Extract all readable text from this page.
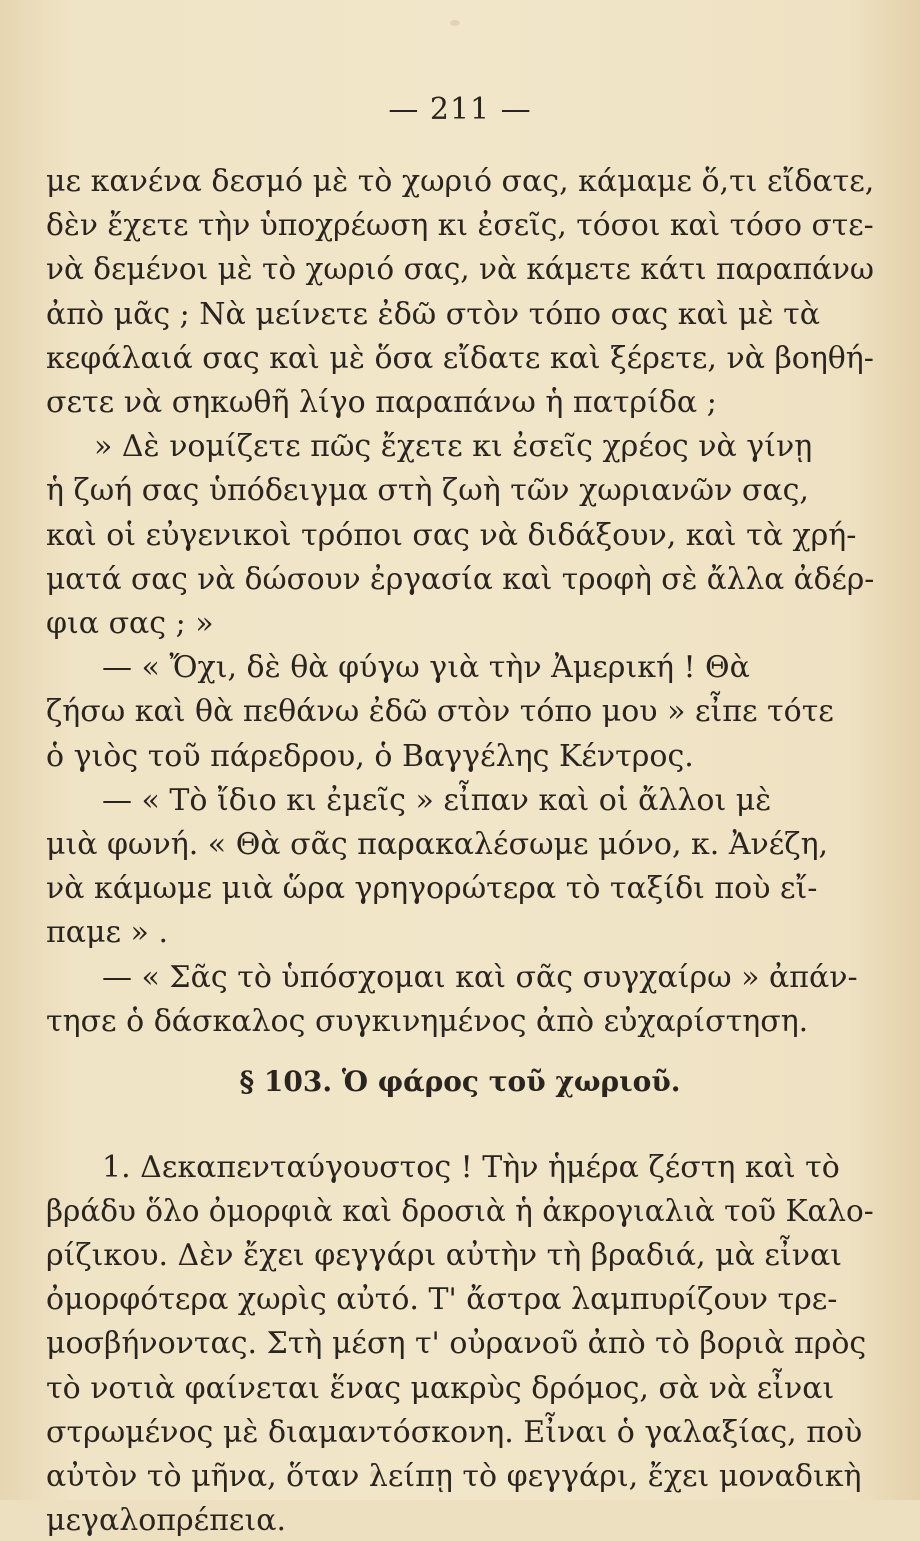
— 211 —
με κανένα δεσμό μὲ τὸ χωριό σας, κάμαμε ὅ,τι εἴδατε,
δὲν ἔχετε τὴν ὑποχρέωση κι ἐσεῖς, τόσοι καὶ τόσο στε-
νὰ δεμένοι μὲ τὸ χωριό σας, νὰ κάμετε κάτι παραπάνω
ἀπὸ μᾶς ; Νὰ μείνετε ἐδῶ στὸν τόπο σας καὶ μὲ τὰ
κεφάλαιά σας καὶ μὲ ὅσα εἴδατε καὶ ξέρετε, νὰ βοηθή-
σετε νὰ σηκωθῆ λίγο παραπάνω ἡ πατρίδα ;
» Δὲ νομίζετε πῶς ἔχετε κι ἐσεῖς χρέος νὰ γίνῃ
ἡ ζωή σας ὑπόδειγμα στὴ ζωὴ τῶν χωριανῶν σας,
καὶ οἱ εὐγενικοὶ τρόποι σας νὰ διδάξουν, καὶ τὰ χρή-
ματά σας νὰ δώσουν ἐργασία καὶ τροφὴ σὲ ἄλλα ἀδέρ-
φια σας ; »
— « Ὄχι, δὲ θὰ φύγω γιὰ τὴν Ἀμερική ! Θὰ
ζήσω καὶ θὰ πεθάνω ἐδῶ στὸν τόπο μου » εἶπε τότε
ὁ γιὸς τοῦ πάρεδρου, ὁ Βαγγέλης Κέντρος.
— « Τὸ ἴδιο κι ἐμεῖς » εἶπαν καὶ οἱ ἄλλοι μὲ
μιὰ φωνή. « Θὰ σᾶς παρακαλέσωμε μόνο, κ. Ἀνέζη,
νὰ κάμωμε μιὰ ὥρα γρηγορώτερα τὸ ταξίδι ποὺ εἴ-
παμε » .
— « Σᾶς τὸ ὑπόσχομαι καὶ σᾶς συγχαίρω » ἀπάν-
τησε ὁ δάσκαλος συγκινημένος ἀπὸ εὐχαρίστηση.
1. Δεκαπενταύγουστος ! Τὴν ἡμέρα ζέστη καὶ τὸ
βράδυ ὅλο ὀμορφιὰ καὶ δροσιὰ ἡ ἀκρογιαλιὰ τοῦ Καλο-
ρίζικου. Δὲν ἔχει φεγγάρι αὐτὴν τὴ βραδιά, μὰ εἶναι
ὀμορφότερα χωρὶς αὐτό. Τ' ἄστρα λαμπυρίζουν τρε-
μοσβήνοντας. Στὴ μέση τ' οὐρανοῦ ἀπὸ τὸ βοριὰ πρὸς
τὸ νοτιὰ φαίνεται ἕνας μακρὺς δρόμος, σὰ νὰ εἶναι
στρωμένος μὲ διαμαντόσκονη. Εἶναι ὁ γαλαξίας, ποὺ
αὐτὸν τὸ μῆνα, ὅταν λείπῃ τὸ φεγγάρι, ἔχει μοναδικὴ
μεγαλοπρέπεια.
§ 103. Ὁ φάρος τοῦ χωριοῦ.
